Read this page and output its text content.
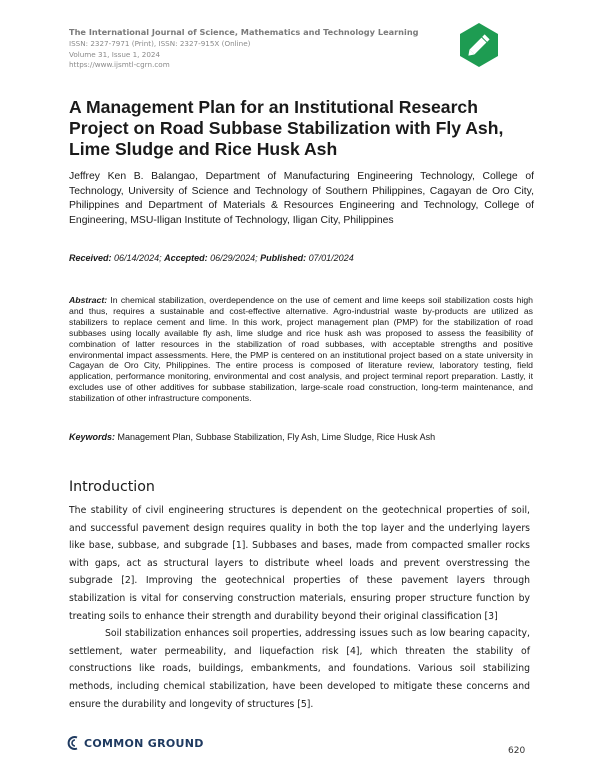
The International Journal of Science, Mathematics and Technology Learning
ISSN: 2327-7971 (Print), ISSN: 2327-915X (Online)
Volume 31, Issue 1, 2024
https://www.ijsmtl-cgrn.com
A Management Plan for an Institutional Research Project on Road Subbase Stabilization with Fly Ash, Lime Sludge and Rice Husk Ash

Jeffrey Ken B. Balangao, Department of Manufacturing Engineering Technology, College of Technology, University of Science and Technology of Southern Philippines, Cagayan de Oro City, Philippines and Department of Materials & Resources Engineering and Technology, College of Engineering, MSU-Iligan Institute of Technology, Iligan City, Philippines

Received: 06/14/2024; Accepted: 06/29/2024; Published: 07/01/2024

Abstract: In chemical stabilization, overdependence on the use of cement and lime keeps soil stabilization costs high and thus, requires a sustainable and cost-effective alternative. Agro-industrial waste by-products are utilized as stabilizers to replace cement and lime. In this work, project management plan (PMP) for the stabilization of road subbases using locally available fly ash, lime sludge and rice husk ash was proposed to assess the feasibility of combination of latter resources in the stabilization of road subbases, with acceptable strengths and positive environmental impact assessments. Here, the PMP is centered on an institutional project based on a state university in Cagayan de Oro City, Philippines. The entire process is composed of literature review, laboratory testing, field application, performance monitoring, environmental and cost analysis, and project terminal report preparation. Lastly, it excludes use of other additives for subbase stabilization, large-scale road construction, long-term maintenance, and stabilization of other infrastructure components.

Keywords: Management Plan, Subbase Stabilization, Fly Ash, Lime Sludge, Rice Husk Ash
Introduction

The stability of civil engineering structures is dependent on the geotechnical properties of soil, and successful pavement design requires quality in both the top layer and the underlying layers like base, subbase, and subgrade [1]. Subbases and bases, made from compacted smaller rocks with gaps, act as structural layers to distribute wheel loads and prevent overstressing the subgrade [2]. Improving the geotechnical properties of these pavement layers through stabilization is vital for conserving construction materials, ensuring proper structure function by treating soils to enhance their strength and durability beyond their original classification [3]

Soil stabilization enhances soil properties, addressing issues such as low bearing capacity, settlement, water permeability, and liquefaction risk [4], which threaten the stability of constructions like roads, buildings, embankments, and foundations. Various soil stabilizing methods, including chemical stabilization, have been developed to mitigate these concerns and ensure the durability and longevity of structures [5].

COMMON GROUND
620
